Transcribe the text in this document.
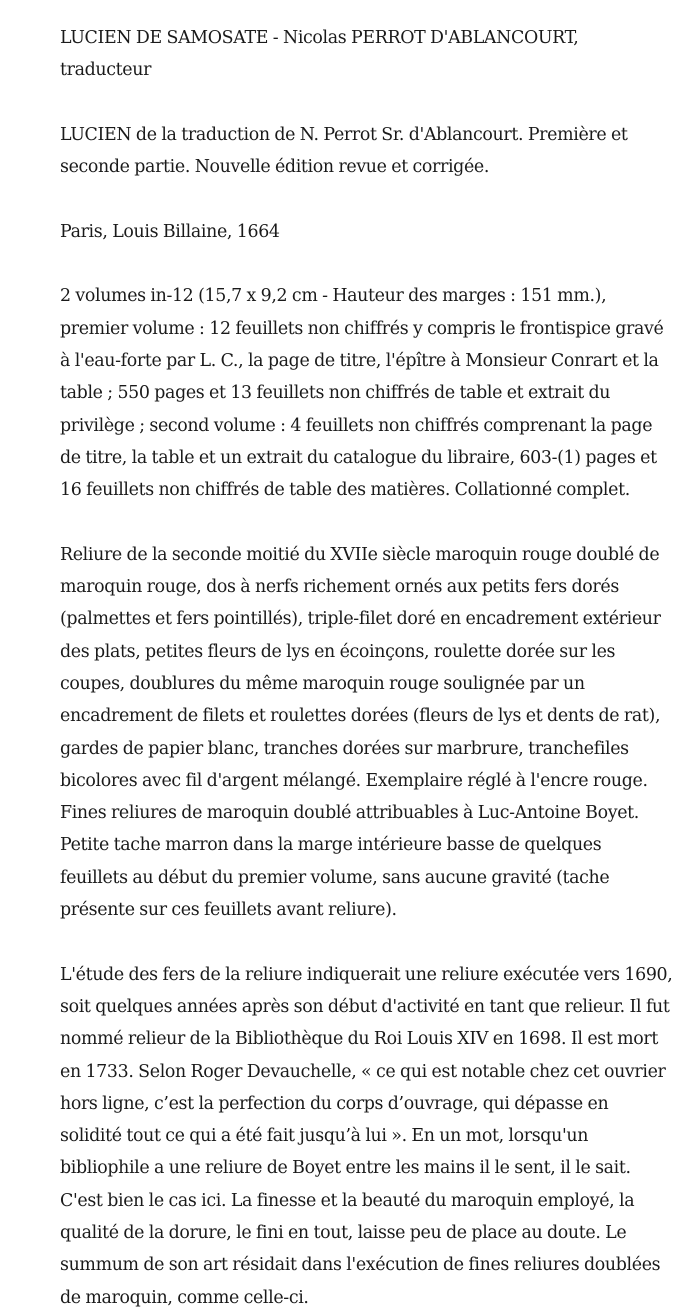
LUCIEN DE SAMOSATE - Nicolas PERROT D'ABLANCOURT, traducteur

LUCIEN de la traduction de N. Perrot Sr. d'Ablancourt. Première et seconde partie. Nouvelle édition revue et corrigée.

Paris, Louis Billaine, 1664

2 volumes in-12 (15,7 x 9,2 cm - Hauteur des marges : 151 mm.), premier volume : 12 feuillets non chiffrés y compris le frontispice gravé à l'eau-forte par L. C., la page de titre, l'épître à Monsieur Conrart et la table ; 550 pages et 13 feuillets non chiffrés de table et extrait du privilège ; second volume : 4 feuillets non chiffrés comprenant la page de titre, la table et un extrait du catalogue du libraire, 603-(1) pages et 16 feuillets non chiffrés de table des matières. Collationné complet.

Reliure de la seconde moitié du XVIIe siècle maroquin rouge doublé de maroquin rouge, dos à nerfs richement ornés aux petits fers dorés (palmettes et fers pointillés), triple-filet doré en encadrement extérieur des plats, petites fleurs de lys en écoinçons, roulette dorée sur les coupes, doublures du même maroquin rouge soulignée par un encadrement de filets et roulettes dorées (fleurs de lys et dents de rat), gardes de papier blanc, tranches dorées sur marbrure, tranchefiles bicolores avec fil d'argent mélangé. Exemplaire réglé à l'encre rouge. Fines reliures de maroquin doublé attribuables à Luc-Antoine Boyet. Petite tache marron dans la marge intérieure basse de quelques feuillets au début du premier volume, sans aucune gravité (tache présente sur ces feuillets avant reliure).

L'étude des fers de la reliure indiquerait une reliure exécutée vers 1690, soit quelques années après son début d'activité en tant que relieur. Il fut nommé relieur de la Bibliothèque du Roi Louis XIV en 1698. Il est mort en 1733. Selon Roger Devauchelle, « ce qui est notable chez cet ouvrier hors ligne, c’est la perfection du corps d’ouvrage, qui dépasse en solidité tout ce qui a été fait jusqu’à lui ». En un mot, lorsqu'un bibliophile a une reliure de Boyet entre les mains il le sent, il le sait. C'est bien le cas ici. La finesse et la beauté du maroquin employé, la qualité de la dorure, le fini en tout, laisse peu de place au doute. Le summum de son art résidait dans l'exécution de fines reliures doublées de maroquin, comme celle-ci.
